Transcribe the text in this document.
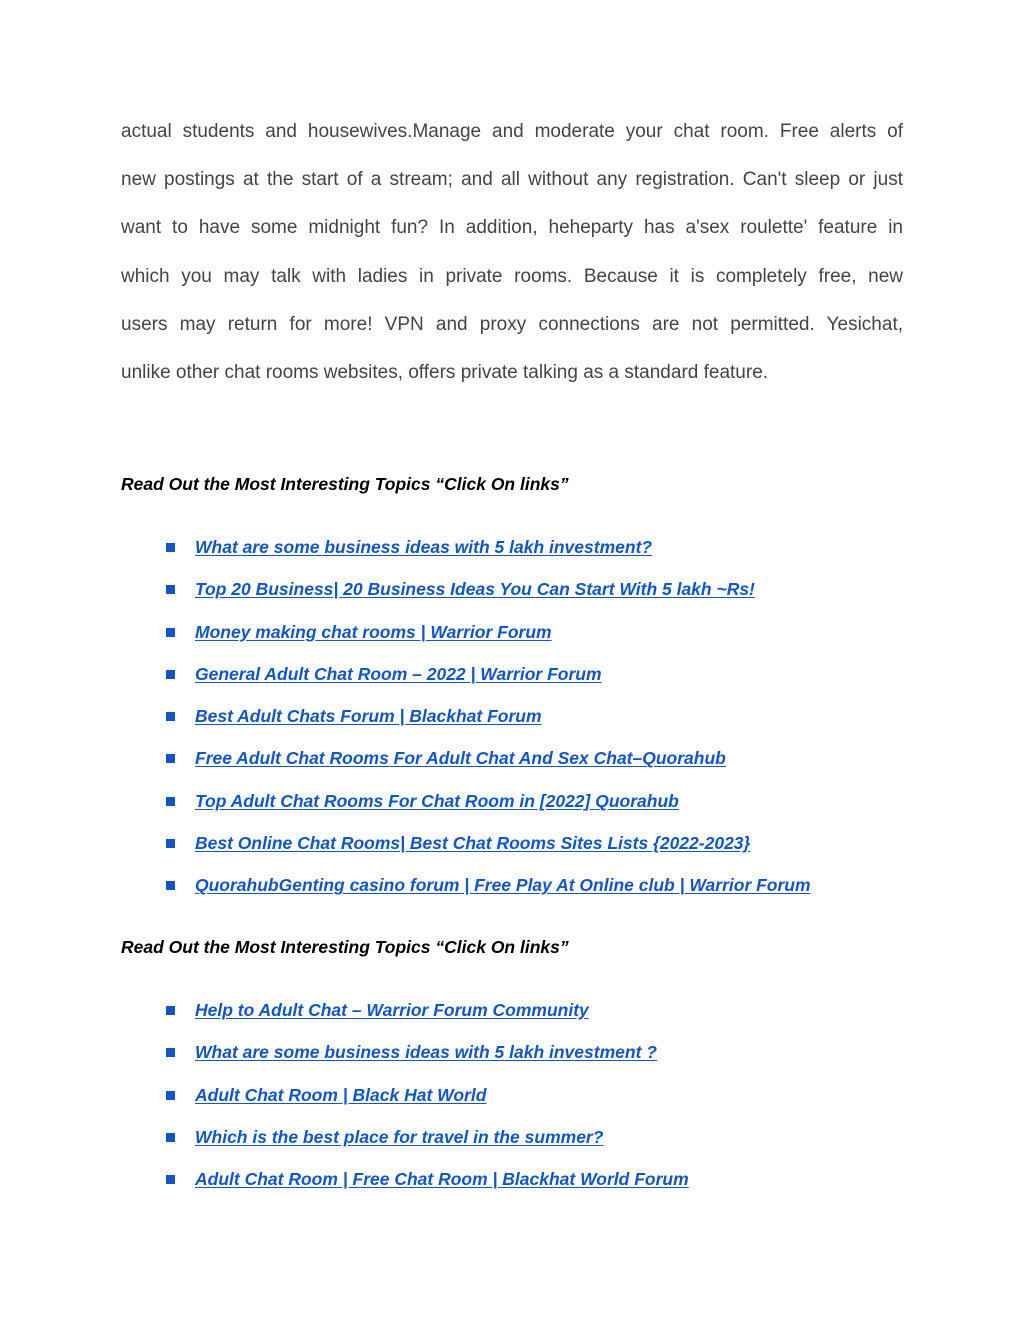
actual students and housewives.Manage and moderate your chat room. Free alerts of
new postings at the start of a stream; and all without any registration. Can't sleep or just
want to have some midnight fun? In addition, heheparty has a'sex roulette' feature in
which you may talk with ladies in private rooms. Because it is completely free, new
users may return for more! VPN and proxy connections are not permitted. Yesichat,
unlike other chat rooms websites, offers private talking as a standard feature.

Read Out the Most Interesting Topics “Click On links”
What are some business ideas with 5 lakh investment?
Top 20 Business| 20 Business Ideas You Can Start With 5 lakh ~Rs!
Money making chat rooms | Warrior Forum
General Adult Chat Room – 2022 | Warrior Forum
Best Adult Chats Forum | Blackhat Forum
Free Adult Chat Rooms For Adult Chat And Sex Chat–Quorahub
Top Adult Chat Rooms For Chat Room in [2022] Quorahub
Best Online Chat Rooms| Best Chat Rooms Sites Lists {2022-2023}
QuorahubGenting casino forum | Free Play At Online club | Warrior Forum
Read Out the Most Interesting Topics “Click On links”
Help to Adult Chat – Warrior Forum Community
What are some business ideas with 5 lakh investment ?
Adult Chat Room | Black Hat World
Which is the best place for travel in the summer?
Adult Chat Room | Free Chat Room | Blackhat World Forum
